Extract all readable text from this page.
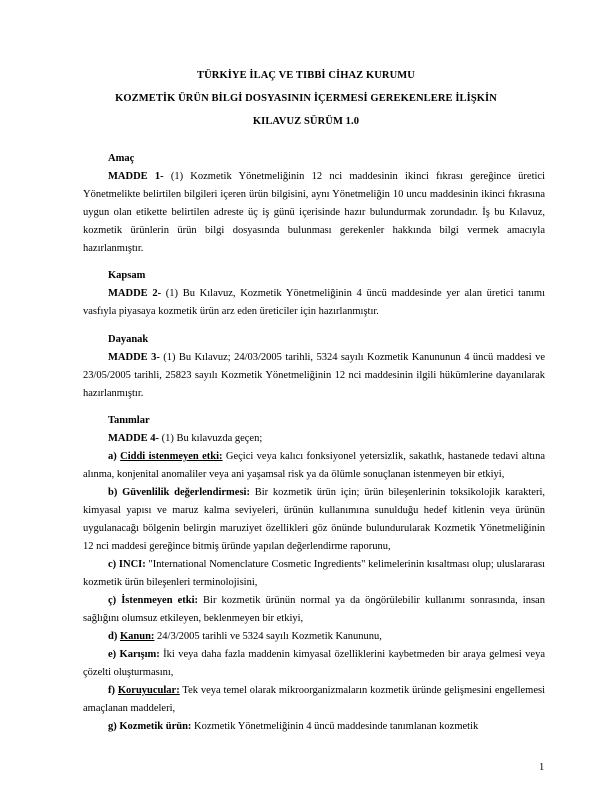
TÜRKİYE İLAÇ VE TIBBİ CİHAZ KURUMU
KOZMETİK ÜRÜN BİLGİ DOSYASININ İÇERMESİ GEREKENLERE İLİŞKİN
KILAVUZ SÜRÜM 1.0
Amaç

MADDE 1- (1) Kozmetik Yönetmeliğinin 12 nci maddesinin ikinci fıkrası gereğince üretici Yönetmelikte belirtilen bilgileri içeren ürün bilgisini, aynı Yönetmeliğin 10 uncu maddesinin ikinci fıkrasına uygun olan etikette belirtilen adreste üç iş günü içerisinde hazır bulundurmak zorundadır. İş bu Kılavuz, kozmetik ürünlerin ürün bilgi dosyasında bulunması gerekenler hakkında bilgi vermek amacıyla hazırlanmıştır.

Kapsam

MADDE 2- (1) Bu Kılavuz, Kozmetik Yönetmeliğinin 4 üncü maddesinde yer alan üretici tanımı vasfıyla piyasaya kozmetik ürün arz eden üreticiler için hazırlanmıştır.

Dayanak

MADDE 3- (1) Bu Kılavuz; 24/03/2005 tarihli, 5324 sayılı Kozmetik Kanununun 4 üncü maddesi ve 23/05/2005 tarihli, 25823 sayılı Kozmetik Yönetmeliğinin 12 nci maddesinin ilgili hükümlerine dayanılarak hazırlanmıştır.

Tanımlar

MADDE 4- (1) Bu kılavuzda geçen;

a) Ciddi istenmeyen etki: Geçici veya kalıcı fonksiyonel yetersizlik, sakatlık, hastanede tedavi altına alınma, konjenital anomaliler veya ani yaşamsal risk ya da ölümle sonuçlanan istenmeyen bir etkiyi,

b) Güvenlilik değerlendirmesi: Bir kozmetik ürün için; ürün bileşenlerinin toksikolojik karakteri, kimyasal yapısı ve maruz kalma seviyeleri, ürünün kullanımına sunulduğu hedef kitlenin veya ürünün uygulanacağı bölgenin belirgin maruziyet özellikleri göz önünde bulundurularak Kozmetik Yönetmeliğinin 12 nci maddesi gereğince bitmiş üründe yapılan değerlendirme raporunu,

c) INCI: "International Nomenclature Cosmetic Ingredients" kelimelerinin kısaltması olup; uluslararası kozmetik ürün bileşenleri terminolojisini,

ç) İstenmeyen etki: Bir kozmetik ürünün normal ya da öngörülebilir kullanımı sonrasında, insan sağlığını olumsuz etkileyen, beklenmeyen bir etkiyi,

d) Kanun: 24/3/2005 tarihli ve 5324 sayılı Kozmetik Kanununu,

e) Karışım: İki veya daha fazla maddenin kimyasal özelliklerini kaybetmeden bir araya gelmesi veya çözelti oluşturmasını,

f) Koruyucular: Tek veya temel olarak mikroorganizmaların kozmetik üründe gelişmesini engellemesi amaçlanan maddeleri,

g) Kozmetik ürün: Kozmetik Yönetmeliğinin 4 üncü maddesinde tanımlanan kozmetik

1
